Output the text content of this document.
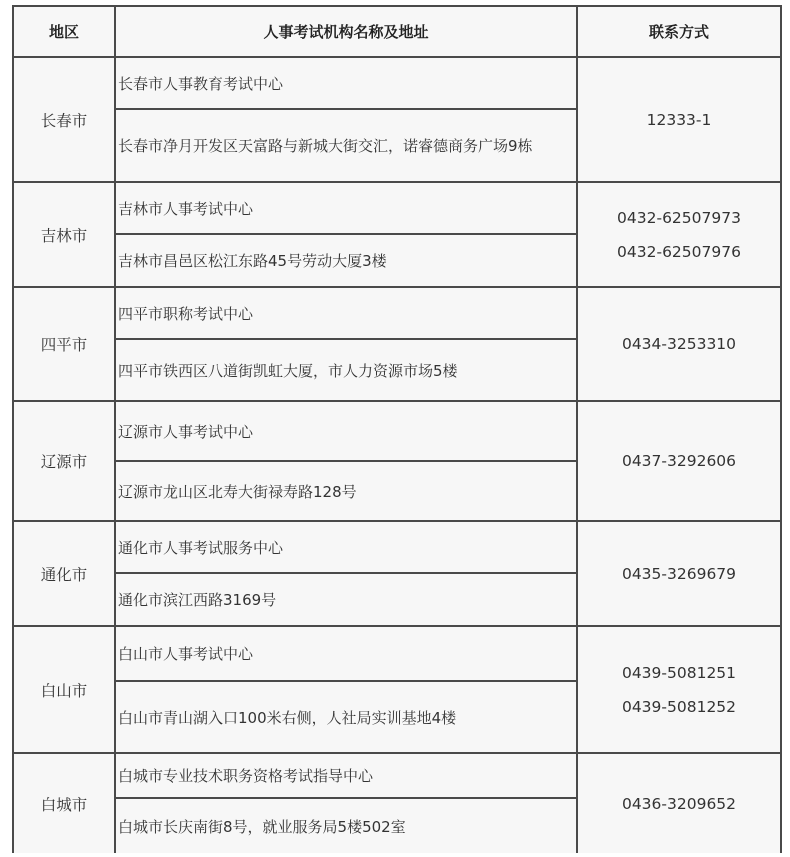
地区	人事考试机构名称及地址	联系方式
长春市	长春市人事教育考试中心	12333-1

	长春市净月开发区天富路与新城大街交汇，诺睿德商务广场9栋	
吉林市	吉林市人事考试中心	0432-62507973
0432-62507976

	吉林市昌邑区松江东路45号劳动大厦3楼	
四平市	四平市职称考试中心	0434-3253310

	四平市铁西区八道街凯虹大厦，市人力资源市场5楼	
辽源市	辽源市人事考试中心	0437-3292606

	辽源市龙山区北寿大街禄寿路128号	
通化市	通化市人事考试服务中心	0435-3269679

	通化市滨江西路3169号	
白山市	白山市人事考试中心	0439-5081251
0439-5081252

	白山市青山湖入口100米右侧，人社局实训基地4楼	
白城市	白城市专业技术职务资格考试指导中心	0436-3209652

	白城市长庆南街8号，就业服务局5楼502室	
